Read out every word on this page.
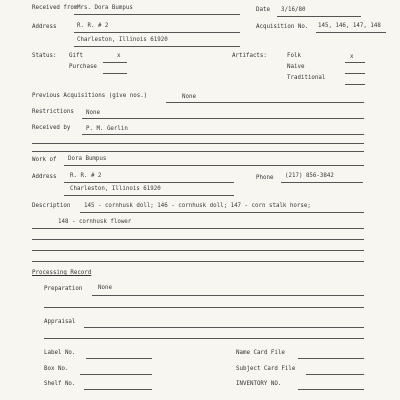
Received from Mrs. Dora Bumpus	Date 3/16/80
Address	R. R. # 2
Charleston, Illinois 61920
Acquisition No. 145, 146, 147, 148
Status: Gift	x
Purchase
Artifacts:	Folk	x
Naive
Traditional
Previous Acquisitions (give nos.)	None
Restrictions None
Received by	P. M. Gerlin
Work of Dora Bumpus
Address R. R. # 2
Charleston, Illinois 61920
Phone (217) 856-3842
Description 145 - cornhusk doll; 146 - cornhusk doll; 147 - corn stalk horse;
148 - cornhusk flower
Processing Record
Preparation	None
Appraisal
Label No.	Name Card File
Box No.	Subject Card File
Shelf No.	INVENTORY NO.
